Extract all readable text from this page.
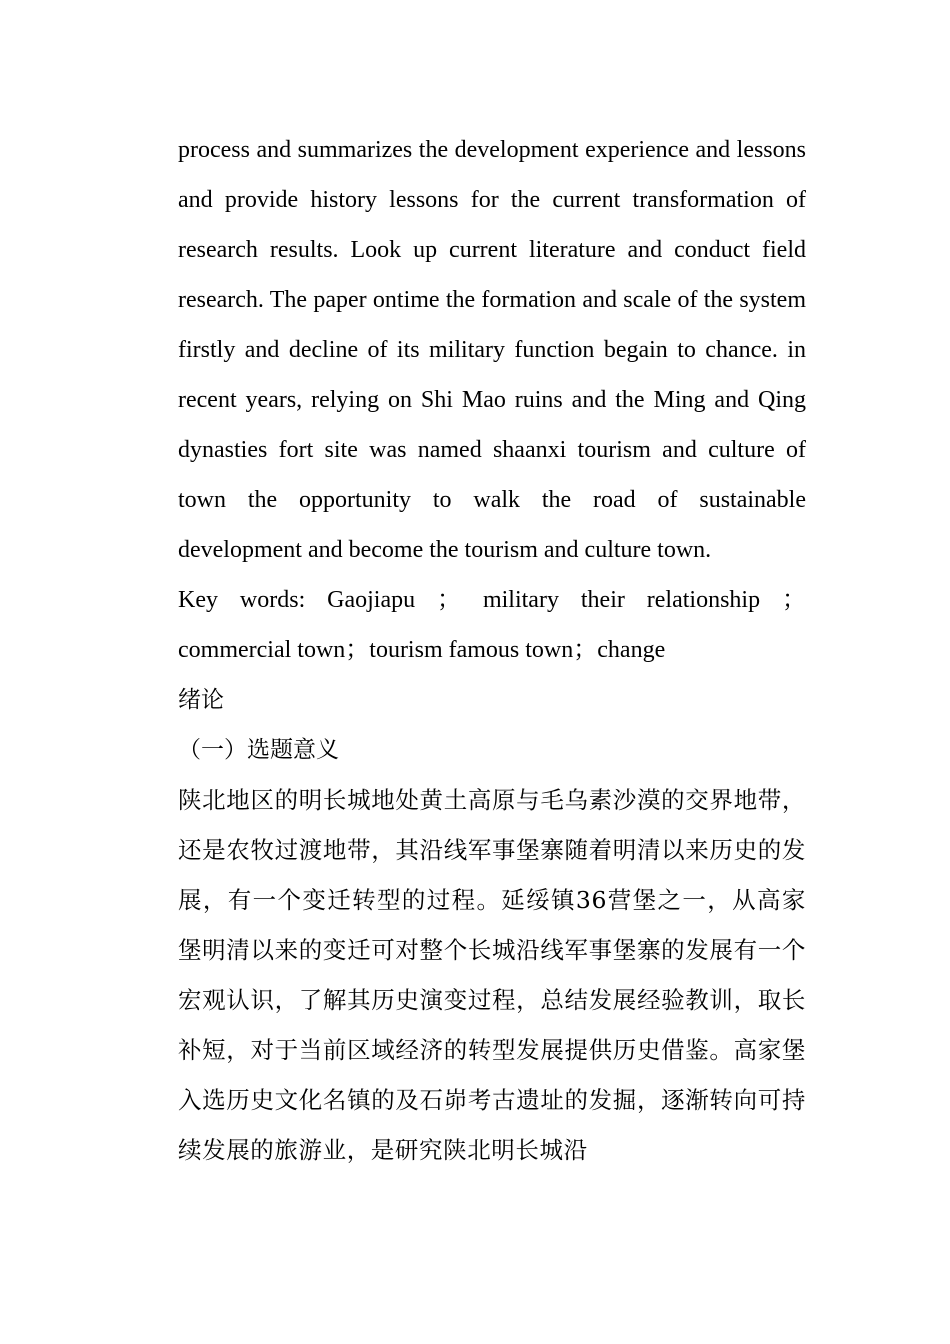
process and summarizes the development experience and lessons and provide history lessons for the current transformation of research results. Look up current literature and conduct field research. The paper ontime the formation and scale of the system firstly and decline of its military function begain to chance. in recent years, relying on Shi Mao ruins and the Ming and Qing dynasties fort site was named shaanxi tourism and culture of town the opportunity to walk the road of sustainable development and become the tourism and culture town.

Key words: Gaojiapu ； military their relationship ； commercial town；tourism famous town；change

绪论

（一）选题意义

陕北地区的明长城地处黄土高原与毛乌素沙漠的交界地带，还是农牧过渡地带，其沿线军事堡寨随着明清以来历史的发展，有一个变迁转型的过程。延绥镇36营堡之一，从高家堡明清以来的变迁可对整个长城沿线军事堡寨的发展有一个宏观认识，了解其历史演变过程，总结发展经验教训，取长补短，对于当前区域经济的转型发展提供历史借鉴。高家堡入选历史文化名镇的及石峁考古遗址的发掘，逐渐转向可持续发展的旅游业，是研究陕北明长城沿
